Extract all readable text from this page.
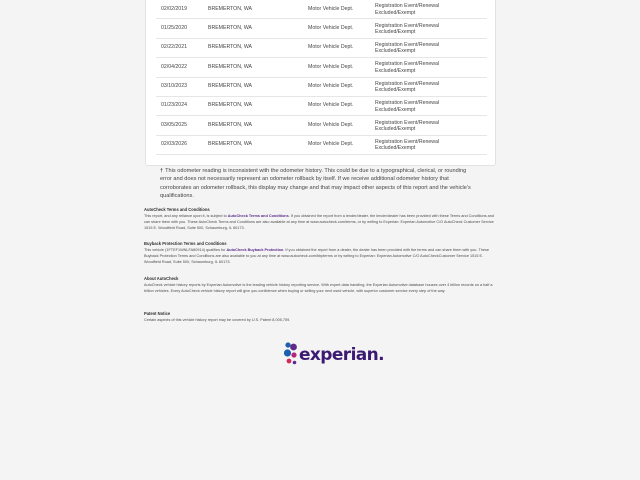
02/02/2019	BREMERTON, WA	Motor Vehicle Dept.	Registration Event/Renewal
Excluded/Exempt
01/25/2020	BREMERTON, WA	Motor Vehicle Dept.	Registration Event/Renewal
Excluded/Exempt
02/22/2021	BREMERTON, WA	Motor Vehicle Dept.	Registration Event/Renewal
Excluded/Exempt
02/04/2022	BREMERTON, WA	Motor Vehicle Dept.	Registration Event/Renewal
Excluded/Exempt
03/10/2023	BREMERTON, WA	Motor Vehicle Dept.	Registration Event/Renewal
Excluded/Exempt
01/23/2024	BREMERTON, WA	Motor Vehicle Dept.	Registration Event/Renewal
Excluded/Exempt
03/05/2025	BREMERTON, WA	Motor Vehicle Dept.	Registration Event/Renewal
Excluded/Exempt
02/03/2026	BREMERTON, WA	Motor Vehicle Dept.	Registration Event/Renewal
Excluded/Exempt
† This odometer reading is inconsistent with the odometer history. This could be due to a typographical, clerical, or rounding error and does not necessarily represent an odometer rollback by itself. If we receive additional odometer history that corroborates an odometer rollback, this display may change and that may impact other aspects of this report and the vehicle's qualifications.
AutoCheck Terms and Conditions

This report, and any reliance upon it, is subject to AutoCheck Terms and Conditions. If you obtained the report from a lender/dealer, the lender/dealer has been provided with these Terms and Conditions and can share them with you. These AutoCheck Terms and Conditions are also available at any time at www.autocheck.com/terms, or by writing to Experian: Experian Automotive C/O AutoCheck Customer Service 1515 E. Woodfield Road, Suite 500, Schaumburg, IL 60173.

Buyback Protection Terms and Conditions

This vehicle (1FTEF1WNLFA80914) qualifies for AutoCheck Buyback Protection. If you obtained the report from a dealer, the dealer has been provided with the terms and can share them with you. These Buyback Protection Terms and Conditions are also available to you at any time at www.autocheck.com/bbpterms or by writing to Experian: Experian Automotive C/O AutoCheckCustomer Service 1515 E. Woodfield Road, Suite 500, Schaumburg, IL 60173.

About AutoCheck

AutoCheck vehicle history reports by Experian Automotive is the leading vehicle history reporting service. With expert data handling, the Experian Automotive database houses over 4 billion records on a half a billion vehicles. Every AutoCheck vehicle history report will give you confidence when buying or selling your next used vehicle, with superior customer service every step of the way.

Patent Notice

Certain aspects of this vehicle history report may be covered by U.S. Patent 8,005,759.

experian.
